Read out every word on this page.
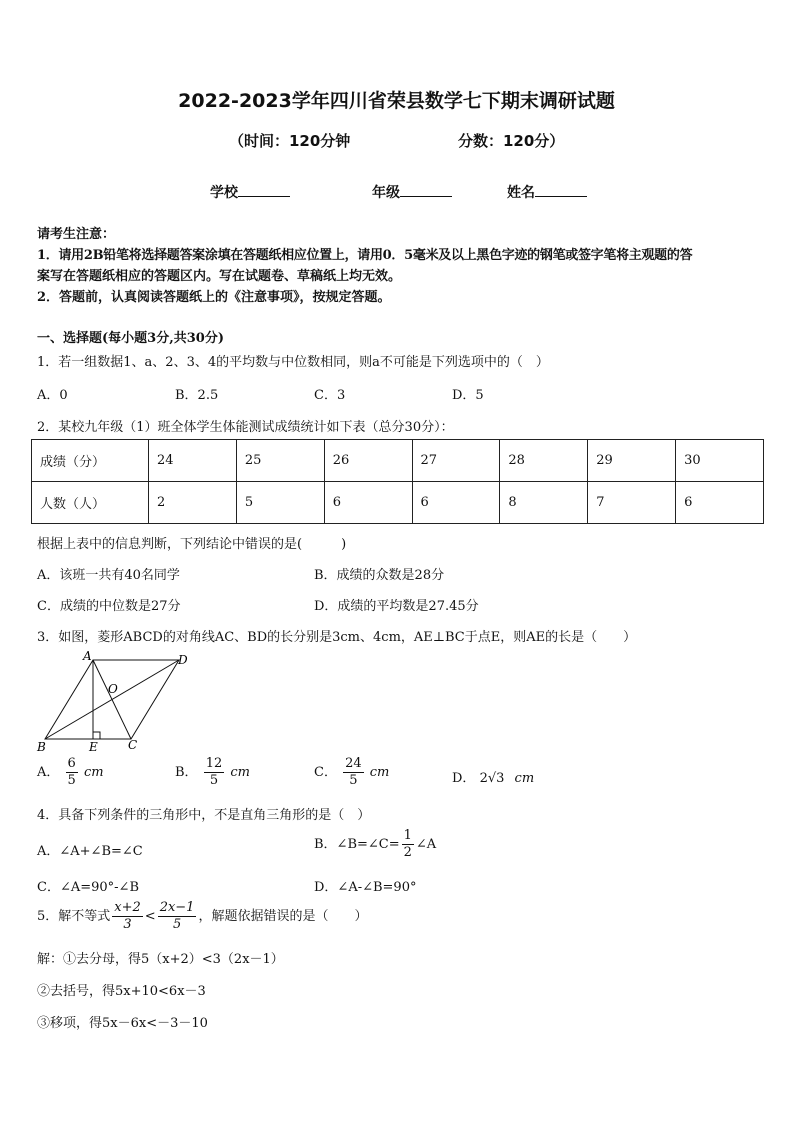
2022-2023学年四川省荣县数学七下期末调研试题
（时间：120分钟	分数：120分）
学校	年级	姓名
请考生注意：
1．请用2B铅笔将选择题答案涂填在答题纸相应位置上，请用0．5毫米及以上黑色字迹的钢笔或签字笔将主观题的答
案写在答题纸相应的答题区内。写在试题卷、草稿纸上均无效。
2．答题前，认真阅读答题纸上的《注意事项》，按规定答题。
一、选择题(每小题3分,共30分)
1．若一组数据1、a、2、3、4的平均数与中位数相同，则a不可能是下列选项中的（　）
A．0	B．2.5	C．3	D．5
2．某校九年级（1）班全体学生体能测试成绩统计如下表（总分30分）：
成绩（分）	24	25	26	27	28	29	30
人数（人）	2	5	6	6	8	7	6
根据上表中的信息判断，下列结论中错误的是(　　　)
A．该班一共有40名同学	B．成绩的众数是28分
C．成绩的中位数是27分	D．成绩的平均数是27.45分
3．如图，菱形ABCD的对角线AC、BD的长分别是3cm、4cm，AE⊥BC于点E，则AE的长是（　　）
A	D
B	E	C
O
A． $\frac{6}{5}$ cm	B． $\frac{12}{5}$ cm	C． $\frac{24}{5}$ cm	D． 2√3 cm
4．具备下列条件的三角形中，不是直角三角形的是（　）
A．∠A+∠B=∠C	B．∠B=∠C= $\frac{1}{2}$ ∠A
C．∠A=90°-∠B	D．∠A-∠B=90°
5．解不等式 $\frac{x+2}{3} < \frac{2x-1}{5}$ ，解题依据错误的是（　　）
解：①去分母，得5（x+2）<3（2x－1）
②去括号，得5x+10<6x－3
③移项，得5x－6x<－3－10
